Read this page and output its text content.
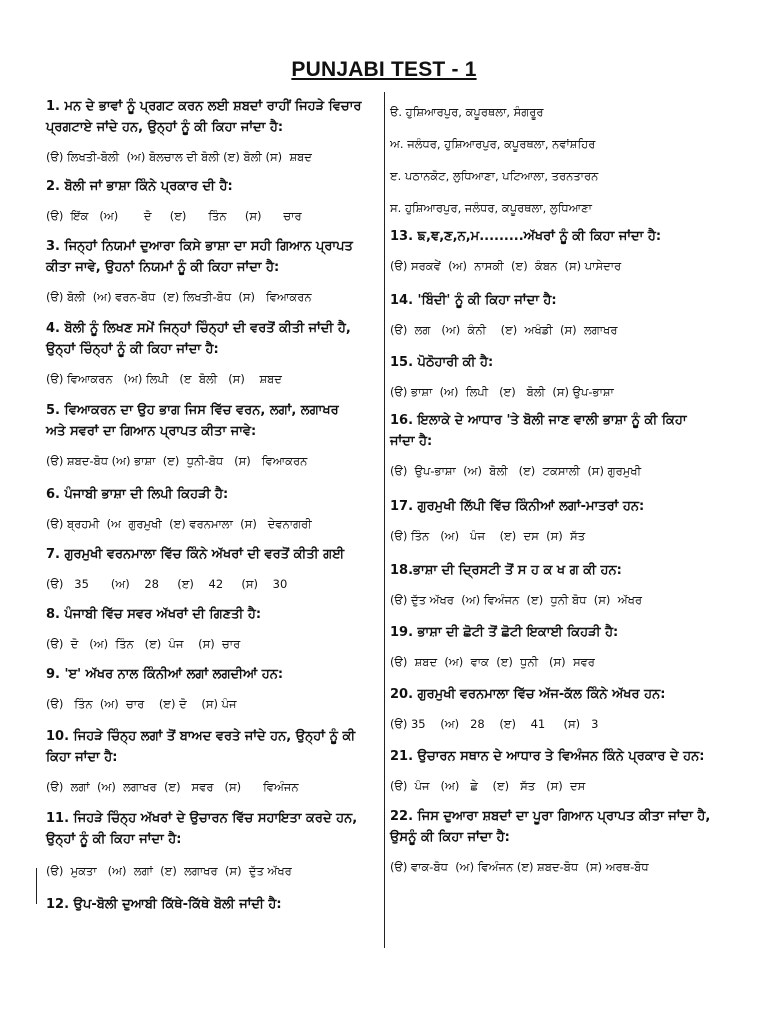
PUNJABI TEST - 1

1. ਮਨ ਦੇ ਭਾਵਾਂ ਨੂੰ ਪ੍ਰਗਟ ਕਰਨ ਲਈ ਸ਼ਬਦਾਂ ਰਾਹੀਂ ਜਿਹੜੇ ਵਿਚਾਰ

ਪ੍ਰਗਟਾਏ ਜਾਂਦੇ ਹਨ, ਉਨ੍ਹਾਂ ਨੂੰ ਕੀ ਕਿਹਾ ਜਾਂਦਾ ਹੈ:

(ੳ) ਲਿਖਤੀ-ਬੋਲੀ  (ਅ) ਬੋਲਚਾਲ ਦੀ ਬੋਲੀ (ੲ) ਬੋਲੀ (ਸ)  ਸ਼ਬਦ

2. ਬੋਲੀ ਜਾਂ ਭਾਸ਼ਾ ਕਿੰਨੇ ਪ੍ਰਕਾਰ ਦੀ ਹੈ:

(ੳ)  ਇੱਕ   (ਅ)       ਦੋ     (ੲ)      ਤਿੰਨ     (ਸ)      ਚਾਰ

3. ਜਿਨ੍ਹਾਂ ਨਿਯਮਾਂ ਦੁਆਰਾ ਕਿਸੇ ਭਾਸ਼ਾ ਦਾ ਸਹੀ ਗਿਆਨ ਪ੍ਰਾਪਤ

ਕੀਤਾ ਜਾਵੇ, ਉਹਨਾਂ ਨਿਯਮਾਂ ਨੂੰ ਕੀ ਕਿਹਾ ਜਾਂਦਾ ਹੈ:

(ੳ) ਬੋਲੀ  (ਅ) ਵਰਨ-ਬੋਧ  (ੲ) ਲਿਖਤੀ-ਬੋਧ  (ਸ)   ਵਿਆਕਰਨ

4. ਬੋਲੀ ਨੂੰ ਲਿਖਣ ਸਮੇਂ ਜਿਨ੍ਹਾਂ ਚਿੰਨ੍ਹਾਂ ਦੀ ਵਰਤੋਂ ਕੀਤੀ ਜਾਂਦੀ ਹੈ,

ਉਨ੍ਹਾਂ ਚਿੰਨ੍ਹਾਂ ਨੂੰ ਕੀ ਕਿਹਾ ਜਾਂਦਾ ਹੈ:

(ੳ) ਵਿਆਕਰਨ   (ਅ) ਲਿਪੀ   (ੲ  ਬੋਲੀ   (ਸ)    ਸ਼ਬਦ

5. ਵਿਆਕਰਨ ਦਾ ਉਹ ਭਾਗ ਜਿਸ ਵਿੱਚ ਵਰਨ, ਲਗਾਂ, ਲਗਾਖਰ

ਅਤੇ ਸਵਰਾਂ ਦਾ ਗਿਆਨ ਪ੍ਰਾਪਤ ਕੀਤਾ ਜਾਵੇ:

(ੳ) ਸ਼ਬਦ-ਬੋਧ (ਅ) ਭਾਸ਼ਾ  (ੲ)  ਧੁਨੀ-ਬੋਧ   (ਸ)   ਵਿਆਕਰਨ

6. ਪੰਜਾਬੀ ਭਾਸ਼ਾ ਦੀ ਲਿਪੀ ਕਿਹੜੀ ਹੈ:

(ੳ) ਬ੍ਰਹਮੀ  (ਅ  ਗੁਰਮੁਖੀ  (ੲ) ਵਰਨਮਾਲਾ  (ਸ)   ਦੇਵਨਾਗਰੀ

7. ਗੁਰਮੁਖੀ ਵਰਨਮਾਲਾ ਵਿੱਚ ਕਿੰਨੇ ਅੱਖਰਾਂ ਦੀ ਵਰਤੋਂ ਕੀਤੀ ਗਈ

(ੳ)   35      (ਅ)    28     (ੲ)    42     (ਸ)    30

8. ਪੰਜਾਬੀ ਵਿੱਚ ਸਵਰ ਅੱਖਰਾਂ ਦੀ ਗਿਣਤੀ ਹੈ:

(ੳ)  ਦੋ   (ਅ)  ਤਿੰਨ   (ੲ)  ਪੰਜ    (ਸ)  ਚਾਰ

9. 'ੲ' ਅੱਖਰ ਨਾਲ ਕਿੰਨੀਆਂ ਲਗਾਂ ਲਗਦੀਆਂ ਹਨ:

(ੳ)   ਤਿੰਨ  (ਅ)  ਚਾਰ    (ੲ) ਦੋ    (ਸ) ਪੰਜ

10. ਜਿਹੜੇ ਚਿੰਨ੍ਹ ਲਗਾਂ ਤੋਂ ਬਾਅਦ ਵਰਤੇ ਜਾਂਦੇ ਹਨ, ਉਨ੍ਹਾਂ ਨੂੰ ਕੀ

ਕਿਹਾ ਜਾਂਦਾ ਹੈ:

(ੳ)  ਲਗਾਂ  (ਅ)  ਲਗਾਖਰ  (ੲ)   ਸਵਰ   (ਸ)      ਵਿਅੰਜਨ

11. ਜਿਹੜੇ ਚਿੰਨ੍ਹ ਅੱਖਰਾਂ ਦੇ ਉਚਾਰਨ ਵਿੱਚ ਸਹਾਇਤਾ ਕਰਦੇ ਹਨ,

ਉਨ੍ਹਾਂ ਨੂੰ ਕੀ ਕਿਹਾ ਜਾਂਦਾ ਹੈ:

(ੳ)  ਮੁਕਤਾ   (ਅ)  ਲਗਾਂ  (ੲ)  ਲਗਾਖਰ  (ਸ)  ਦੁੱਤ ਅੱਖਰ

12. ਉਪ-ਬੋਲੀ ਦੁਆਬੀ ਕਿੱਥੇ-ਕਿੱਥੇ ਬੋਲੀ ਜਾਂਦੀ ਹੈ:

ੳ. ਹੁਸ਼ਿਆਰਪੁਰ, ਕਪੂਰਥਲਾ, ਸੰਗਰੂਰ

ਅ. ਜਲੰਧਰ, ਹੁਸ਼ਿਆਰਪੁਰ, ਕਪੂਰਥਲਾ, ਨਵਾਂਸ਼ਹਿਰ

ੲ. ਪਠਾਨਕੋਟ, ਲੁਧਿਆਣਾ, ਪਟਿਆਲਾ, ਤਰਨਤਾਰਨ

ਸ. ਹੁਸ਼ਿਆਰਪੁਰ, ਜਲੰਧਰ, ਕਪੂਰਥਲਾ, ਲੁਧਿਆਣਾ

13. ਙ,ਞ,ਣ,ਨ,ਮ.........ਅੱਖਰਾਂ ਨੂੰ ਕੀ ਕਿਹਾ ਜਾਂਦਾ ਹੈ:

(ੳ) ਸਰਕਵੇਂ  (ਅ)  ਨਾਸਕੀ  (ੲ)  ਕੰਬਨ  (ਸ) ਪਾਸੇਦਾਰ

14. 'ਬਿੰਦੀ' ਨੂੰ ਕੀ ਕਿਹਾ ਜਾਂਦਾ ਹੈ:

(ੳ)  ਲਗ   (ਅ)  ਕੰਨੀ    (ੲ)  ਅਖੰਡੀ  (ਸ)  ਲਗਾਖਰ

15. ਪੋਠੋਹਾਰੀ ਕੀ ਹੈ:

(ੳ) ਭਾਸ਼ਾ  (ਅ)  ਲਿਪੀ   (ੲ)   ਬੋਲੀ  (ਸ) ਉਪ-ਭਾਸ਼ਾ

16. ਇਲਾਕੇ ਦੇ ਆਧਾਰ 'ਤੇ ਬੋਲੀ ਜਾਣ ਵਾਲੀ ਭਾਸ਼ਾ ਨੂੰ ਕੀ ਕਿਹਾ

ਜਾਂਦਾ ਹੈ:

(ੳ)  ਉਪ-ਭਾਸ਼ਾ  (ਅ)  ਬੋਲੀ   (ੲ)  ਟਕਸਾਲੀ  (ਸ) ਗੁਰਮੁਖੀ

17. ਗੁਰਮੁਖੀ ਲਿੱਪੀ ਵਿੱਚ ਕਿੰਨੀਆਂ ਲਗਾਂ-ਮਾਤਰਾਂ ਹਨ:

(ੳ) ਤਿੰਨ   (ਅ)   ਪੰਜ    (ੲ)  ਦਸ  (ਸ)  ਸੱਤ

18.ਭਾਸ਼ਾ ਦੀ ਦ੍ਰਿਸਟੀ ਤੋਂ ਸ ਹ ਕ ਖ ਗ ਕੀ ਹਨ:

(ੳ) ਦੁੱਤ ਅੱਖਰ  (ਅ) ਵਿਅੰਜਨ  (ੲ)  ਧੁਨੀ ਬੋਧ  (ਸ)  ਅੱਖਰ

19. ਭਾਸ਼ਾ ਦੀ ਛੋਟੀ ਤੋਂ ਛੋਟੀ ਇਕਾਈ ਕਿਹੜੀ ਹੈ:

(ੳ)  ਸ਼ਬਦ  (ਅ)  ਵਾਕ  (ੲ)  ਧੁਨੀ   (ਸ)  ਸਵਰ

20. ਗੁਰਮੁਖੀ ਵਰਨਮਾਲਾ ਵਿੱਚ ਅੱਜ-ਕੱਲ ਕਿੰਨੇ ਅੱਖਰ ਹਨ:

(ੳ) 35    (ਅ)   28    (ੲ)    41     (ਸ)   3

21. ਉਚਾਰਨ ਸਥਾਨ ਦੇ ਆਧਾਰ ਤੇ ਵਿਅੰਜਨ ਕਿੰਨੇ ਪ੍ਰਕਾਰ ਦੇ ਹਨ:

(ੳ)  ਪੰਜ   (ਅ)   ਛੇ    (ੲ)   ਸੱਤ   (ਸ)  ਦਸ

22. ਜਿਸ ਦੁਆਰਾ ਸ਼ਬਦਾਂ ਦਾ ਪੂਰਾ ਗਿਆਨ ਪ੍ਰਾਪਤ ਕੀਤਾ ਜਾਂਦਾ ਹੈ,

ਉਸਨੂੰ ਕੀ ਕਿਹਾ ਜਾਂਦਾ ਹੈ:

(ੳ) ਵਾਕ-ਬੋਧ  (ਅ) ਵਿਅੰਜਨ (ੲ) ਸ਼ਬਦ-ਬੋਧ  (ਸ) ਅਰਥ-ਬੋਧ
